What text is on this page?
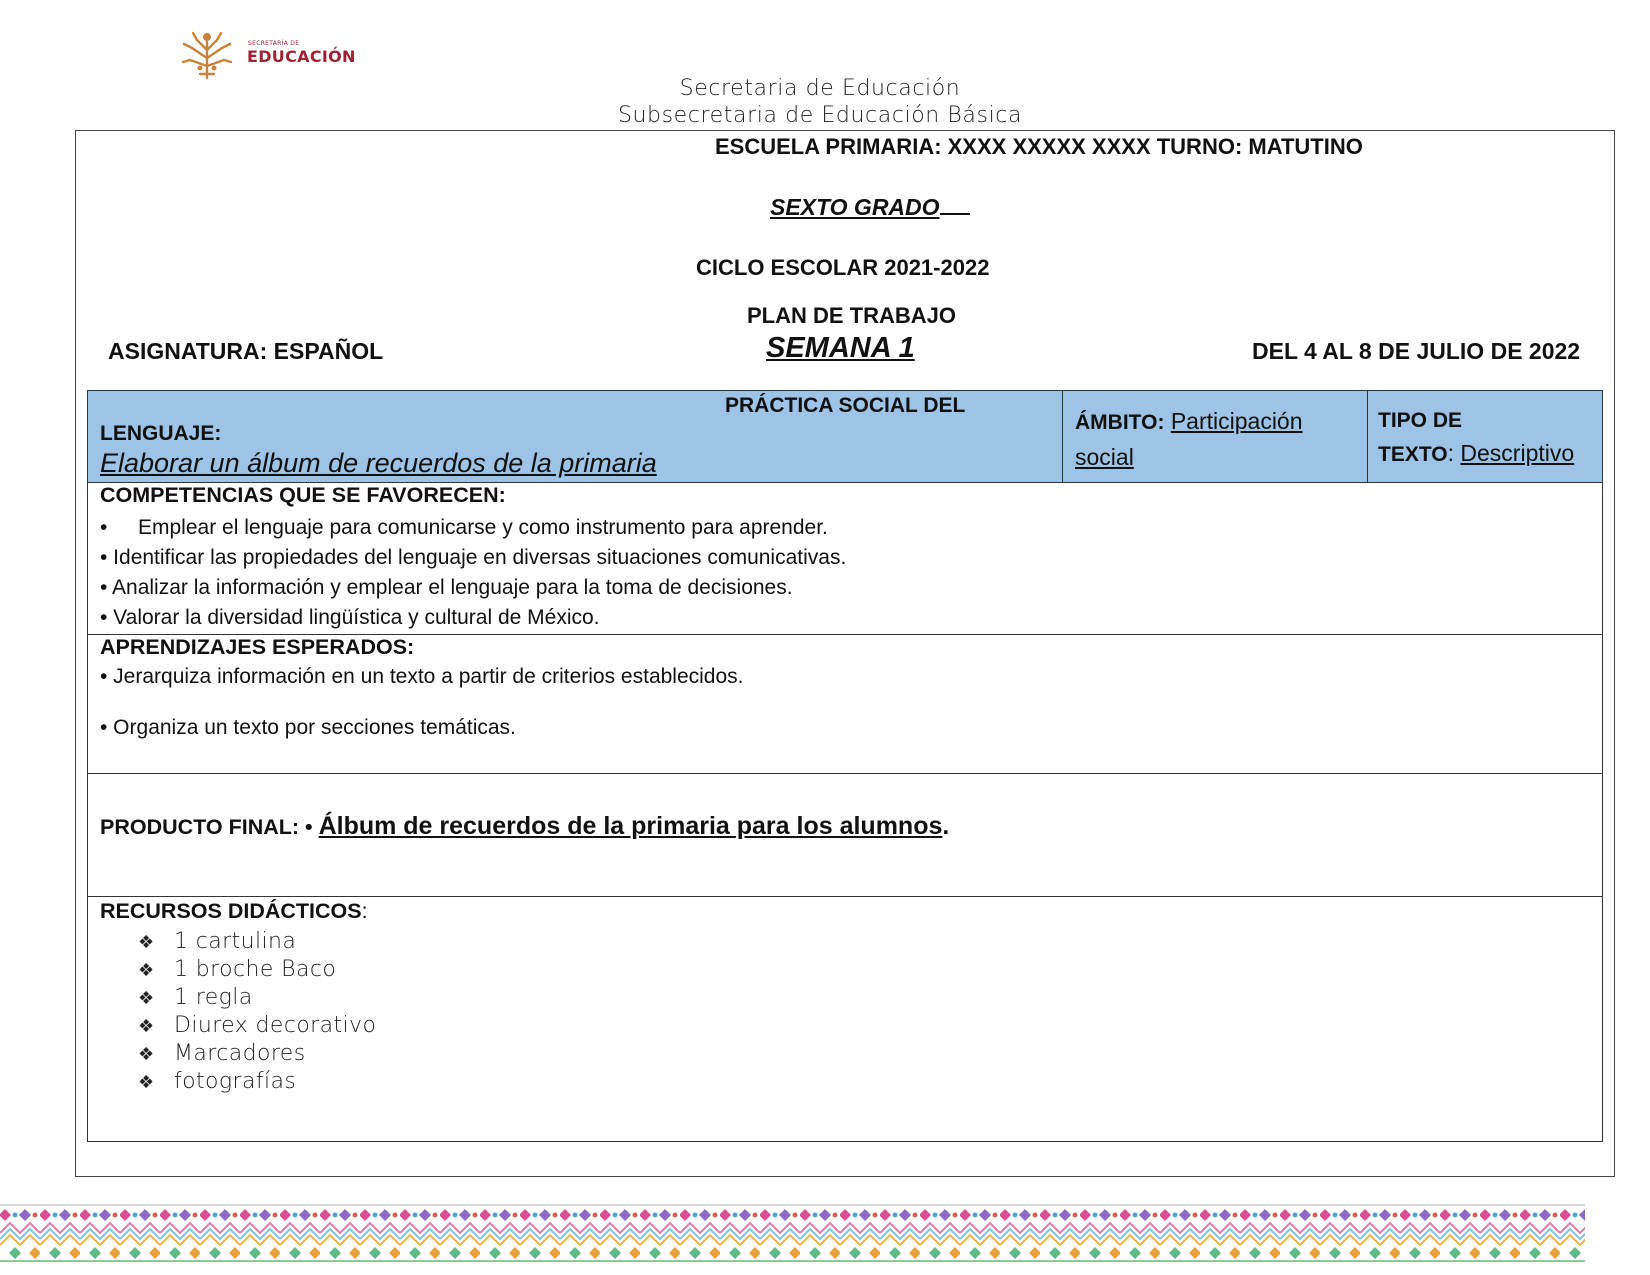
SECRETARÍA DE
EDUCACIÓN
Secretaria de Educación
Subsecretaria de Educación Básica
ESCUELA PRIMARIA: XXXX XXXXX XXXX TURNO: MATUTINO
SEXTO GRADO
CICLO ESCOLAR 2021-2022
PLAN DE TRABAJO
ASIGNATURA: ESPAÑOL	SEMANA 1	DEL 4 AL 8 DE JULIO DE 2022
PRÁCTICA SOCIAL DEL
LENGUAJE:
Elaborar un álbum de recuerdos de la primaria
ÁMBITO: Participación social
TIPO DE
TEXTO: Descriptivo
COMPETENCIAS QUE SE FAVORECEN:
• Emplear el lenguaje para comunicarse y como instrumento para aprender.
• Identificar las propiedades del lenguaje en diversas situaciones comunicativas.
• Analizar la información y emplear el lenguaje para la toma de decisiones.
• Valorar la diversidad lingüística y cultural de México.
APRENDIZAJES ESPERADOS:
• Jerarquiza información en un texto a partir de criterios establecidos.
• Organiza un texto por secciones temáticas.
PRODUCTO FINAL: • Álbum de recuerdos de la primaria para los alumnos.
RECURSOS DIDÁCTICOS:
❖ 1 cartulina
❖ 1 broche Baco
❖ 1 regla
❖ Diurex decorativo
❖ Marcadores
❖ fotografías
